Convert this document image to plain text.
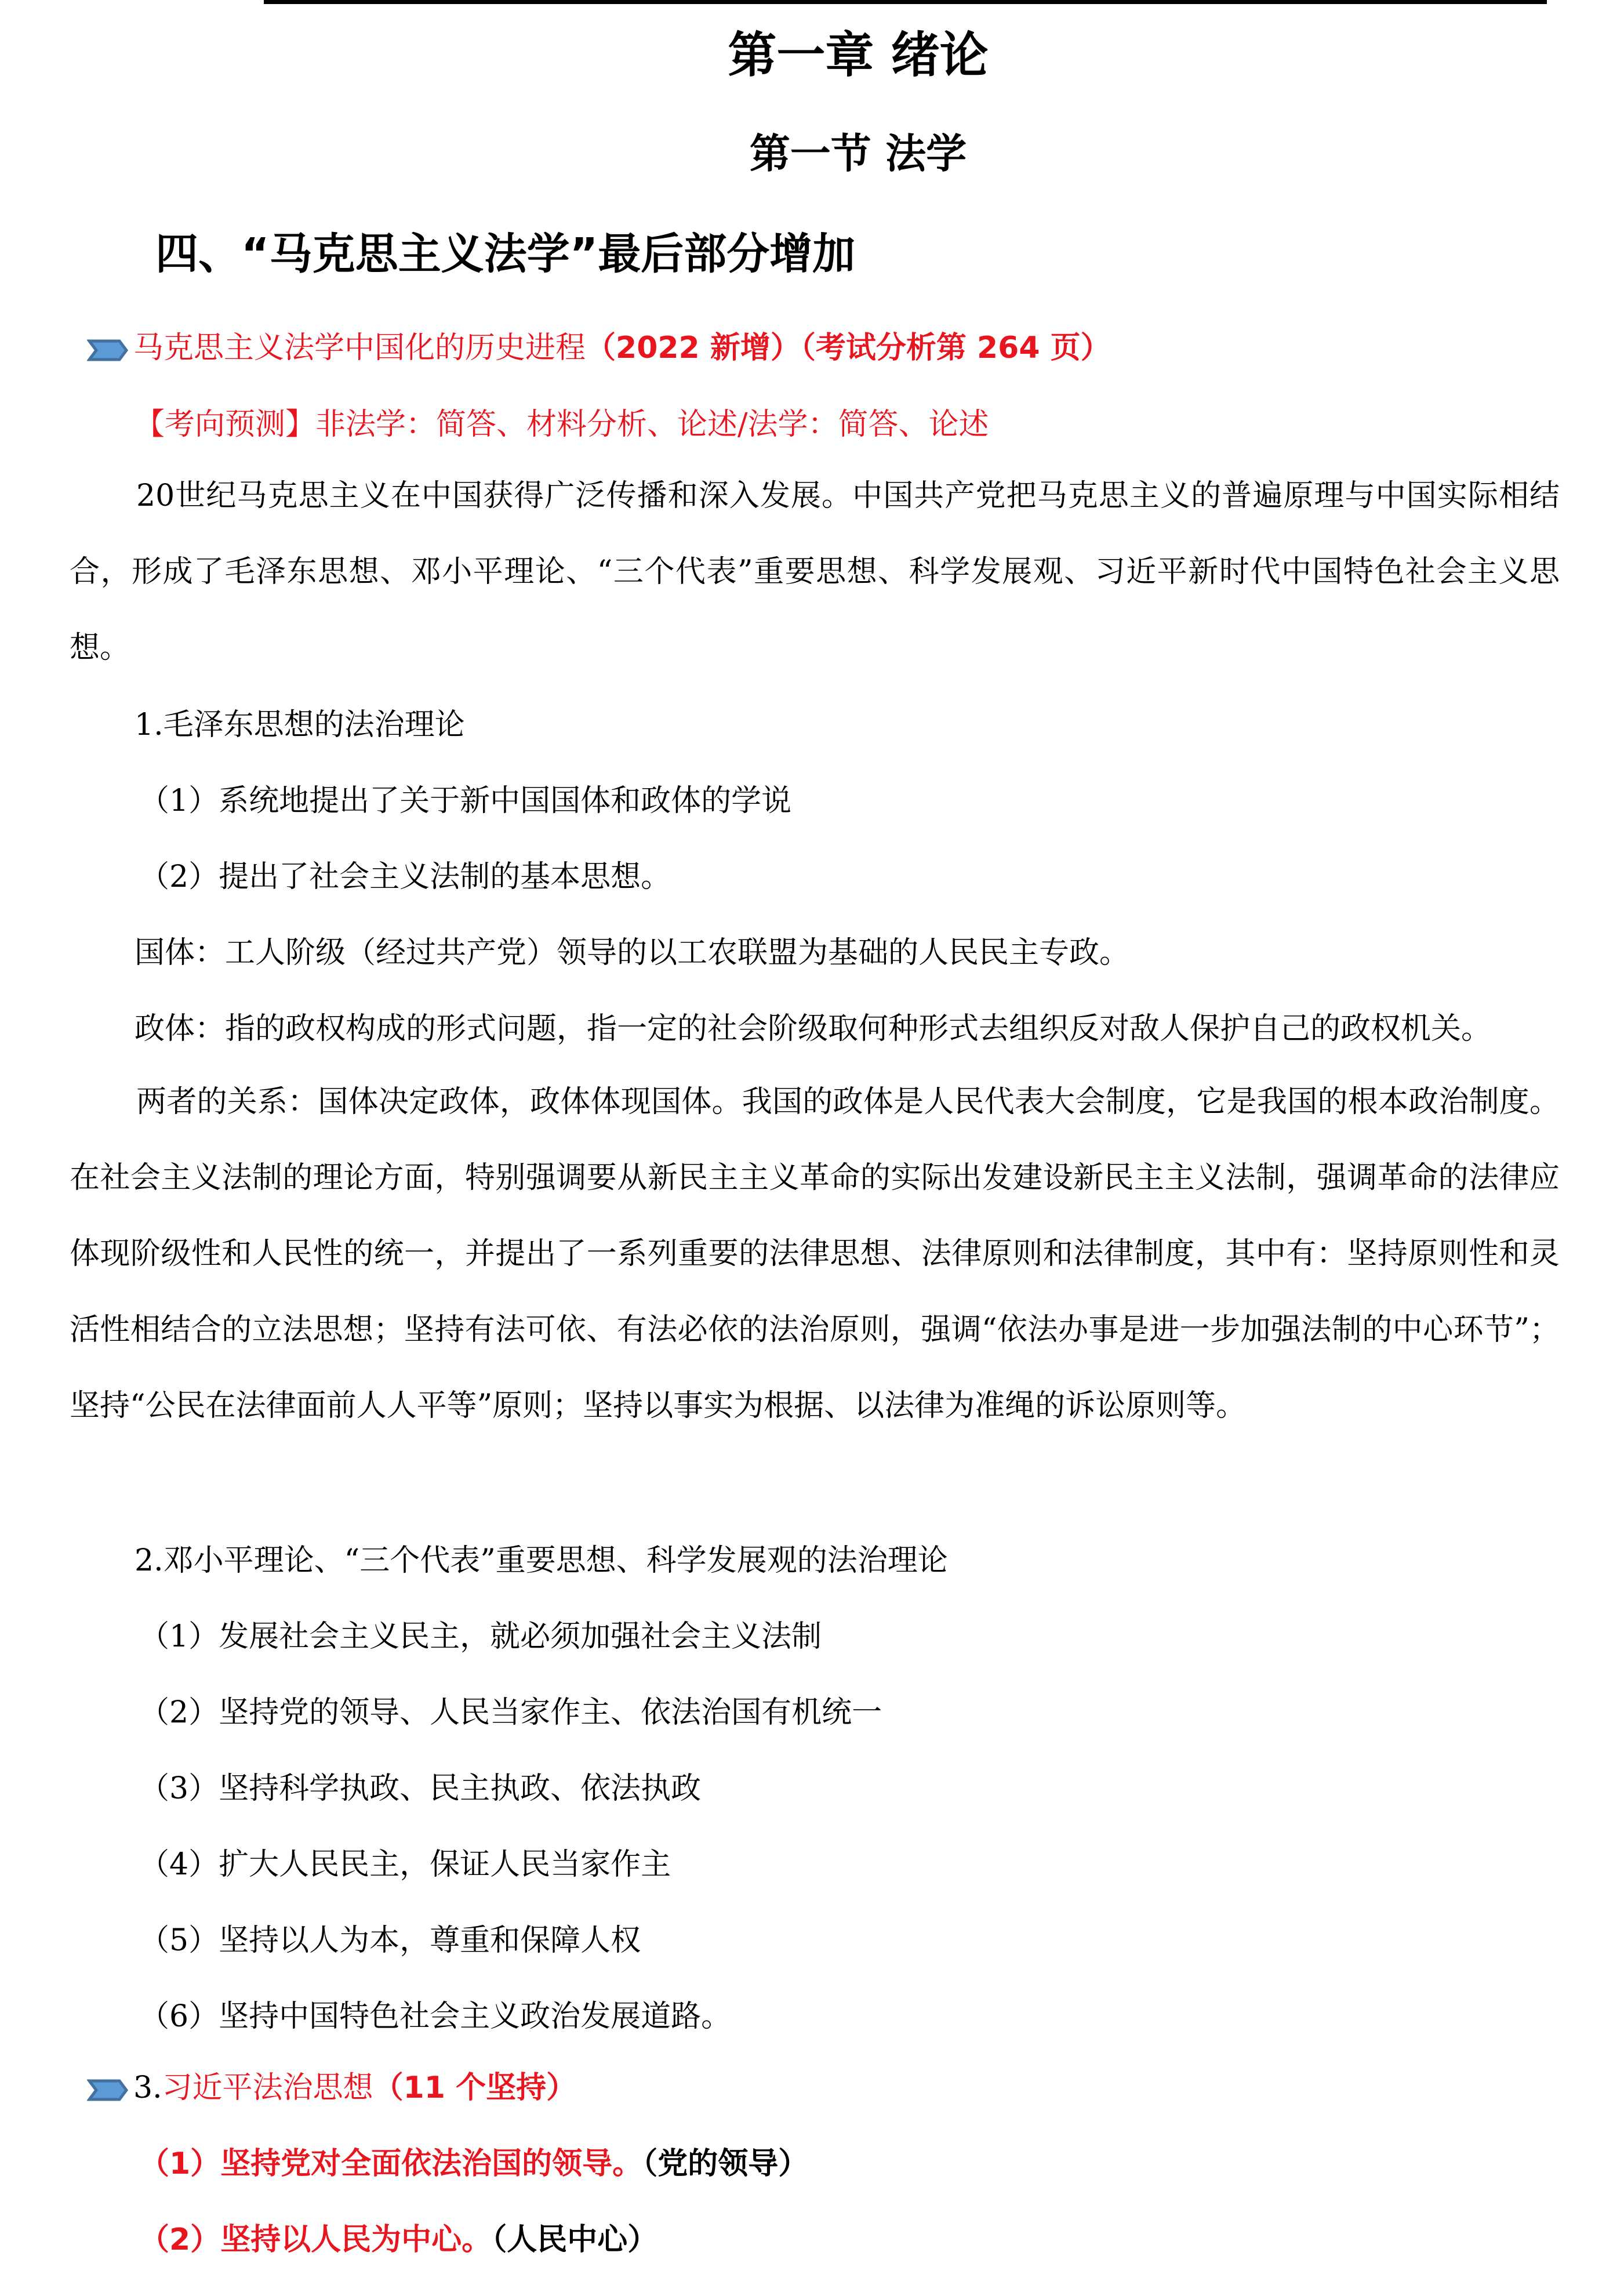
第一章 绪论
第一节 法学
四、“马克思主义法学”最后部分增加
马克思主义法学中国化的历史进程（2022 新增）（考试分析第 264 页）
【考向预测】非法学：简答、材料分析、论述/法学：简答、论述
20世纪马克思主义在中国获得广泛传播和深入发展。中国共产党把马克思主义的普遍原理与中国实际相结合，形成了毛泽东思想、邓小平理论、“三个代表”重要思想、科学发展观、习近平新时代中国特色社会主义思想。
1.毛泽东思想的法治理论
（1）系统地提出了关于新中国国体和政体的学说
（2）提出了社会主义法制的基本思想。
国体：工人阶级（经过共产党）领导的以工农联盟为基础的人民民主专政。
政体：指的政权构成的形式问题，指一定的社会阶级取何种形式去组织反对敌人保护自己的政权机关。
两者的关系：国体决定政体，政体体现国体。我国的政体是人民代表大会制度，它是我国的根本政治制度。在社会主义法制的理论方面，特别强调要从新民主主义革命的实际出发建设新民主主义法制，强调革命的法律应体现阶级性和人民性的统一，并提出了一系列重要的法律思想、法律原则和法律制度，其中有：坚持原则性和灵活性相结合的立法思想；坚持有法可依、有法必依的法治原则，强调“依法办事是进一步加强法制的中心环节”；坚持“公民在法律面前人人平等”原则；坚持以事实为根据、以法律为准绳的诉讼原则等。
2.邓小平理论、“三个代表”重要思想、科学发展观的法治理论
（1）发展社会主义民主，就必须加强社会主义法制
（2）坚持党的领导、人民当家作主、依法治国有机统一
（3）坚持科学执政、民主执政、依法执政
（4）扩大人民民主，保证人民当家作主
（5）坚持以人为本，尊重和保障人权
（6）坚持中国特色社会主义政治发展道路。
3.习近平法治思想（11 个坚持）
（1）坚持党对全面依法治国的领导。（党的领导）
（2）坚持以人民为中心。（人民中心）
